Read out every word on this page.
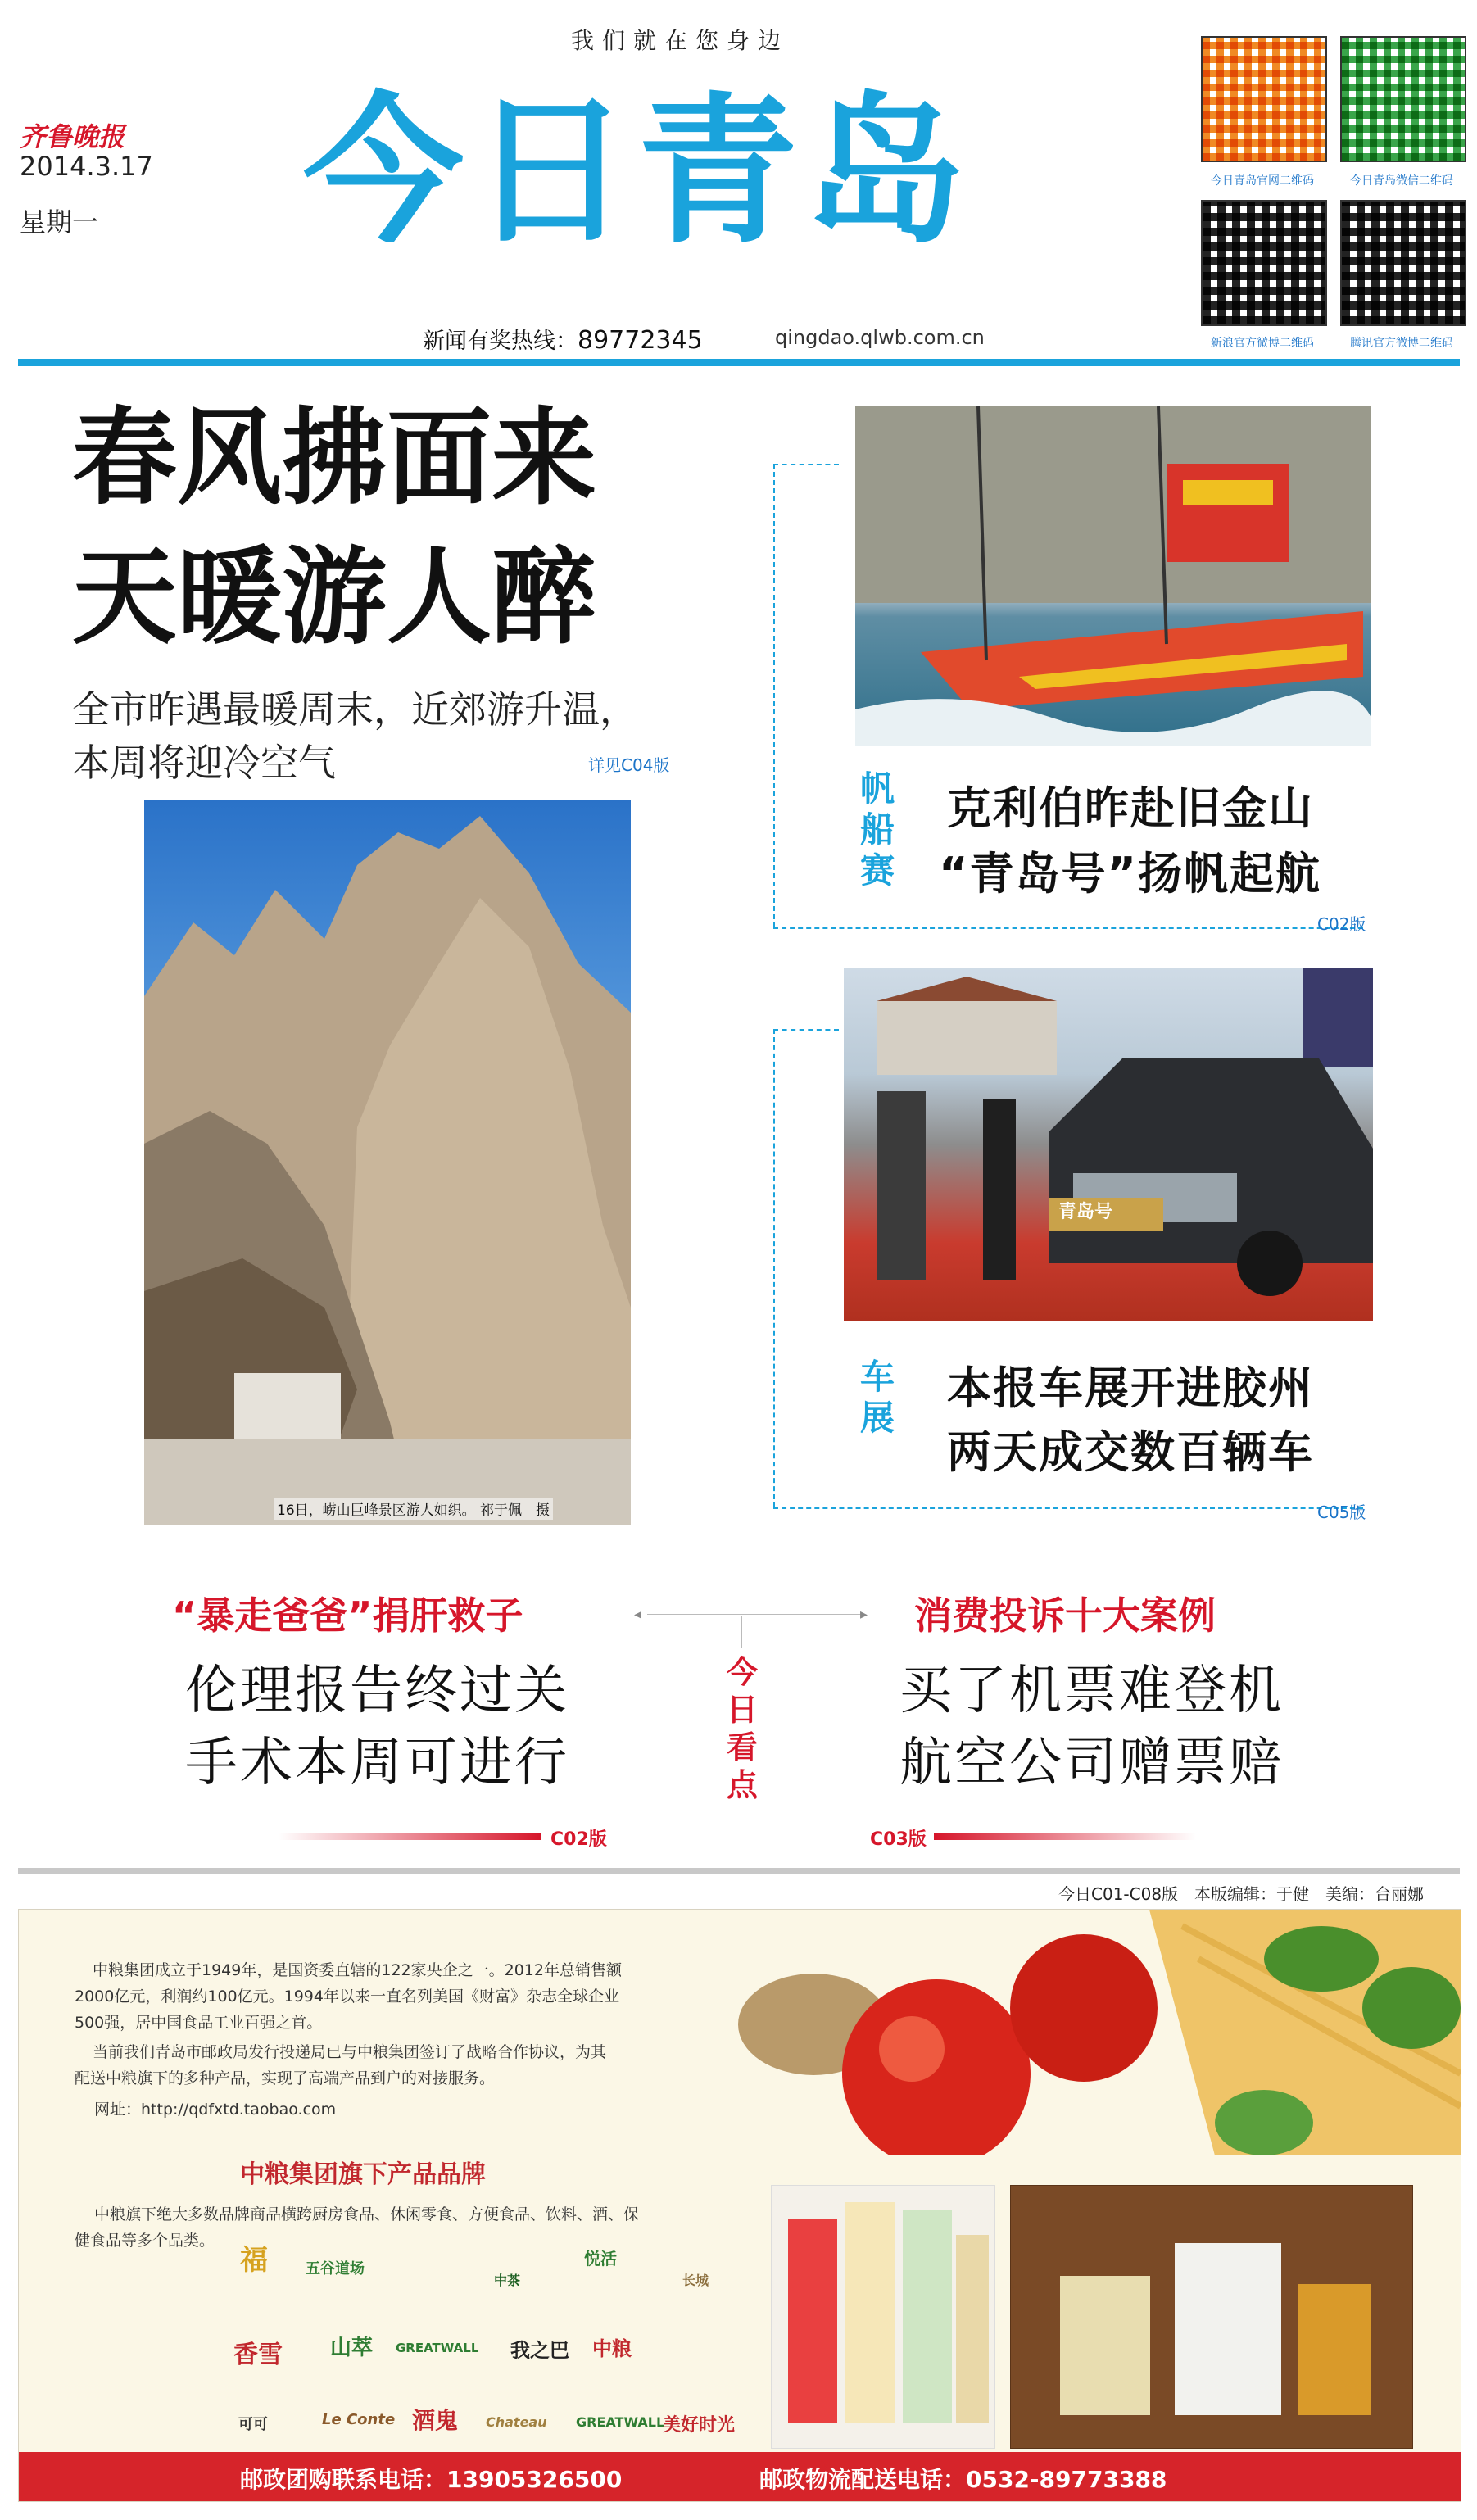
我们就在您身边
齐鲁晚报
2014.3.17
星期一 今日青岛
新闻有奖热线：89772345	qingdao.qlwb.com.cn
今日青岛官网二维码	今日青岛微信二维码
新浪官方微博二维码	腾讯官方微博二维码
春风拂面来
天暖游人醉
全市昨遇最暖周末，近郊游升温，
本周将迎冷空气	详见C04版
16日，崂山巨峰景区游人如织。 祁于佩　摄
帆船赛
克利伯昨赴旧金山
“青岛号”扬帆起航
C02版
青岛号
车展
本报车展开进胶州
两天成交数百辆车
C05版
“暴走爸爸”捐肝救子
伦理报告终过关
手术本周可进行
C02版
◂	▸
今日看点
消费投诉十大案例
买了机票难登机
航空公司赠票赔
C03版
今日C01-C08版　本版编辑：于健　美编：台丽娜
中粮集团成立于1949年，是国资委直辖的122家央企之一。2012年总销售额
2000亿元，利润约100亿元。1994年以来一直名列美国《财富》杂志全球企业
500强，居中国食品工业百强之首。
当前我们青岛市邮政局发行投递局已与中粮集团签订了战略合作协议，为其
配送中粮旗下的多种产品，实现了高端产品到户的对接服务。
网址：http://qdfxtd.taobao.com
中粮集团旗下产品品牌
中粮旗下绝大多数品牌商品横跨厨房食品、休闲零食、方便食品、饮料、酒、保
健食品等多个品类。
福	五谷道场
中茶
悦活
长城
香雪 山萃 GREATWALL 我之巴 中粮
可可	Le Conte 酒鬼 Chateau GREATWALL
美好时光
邮政团购联系电话：13905326500	邮政物流配送电话：0532-89773388
